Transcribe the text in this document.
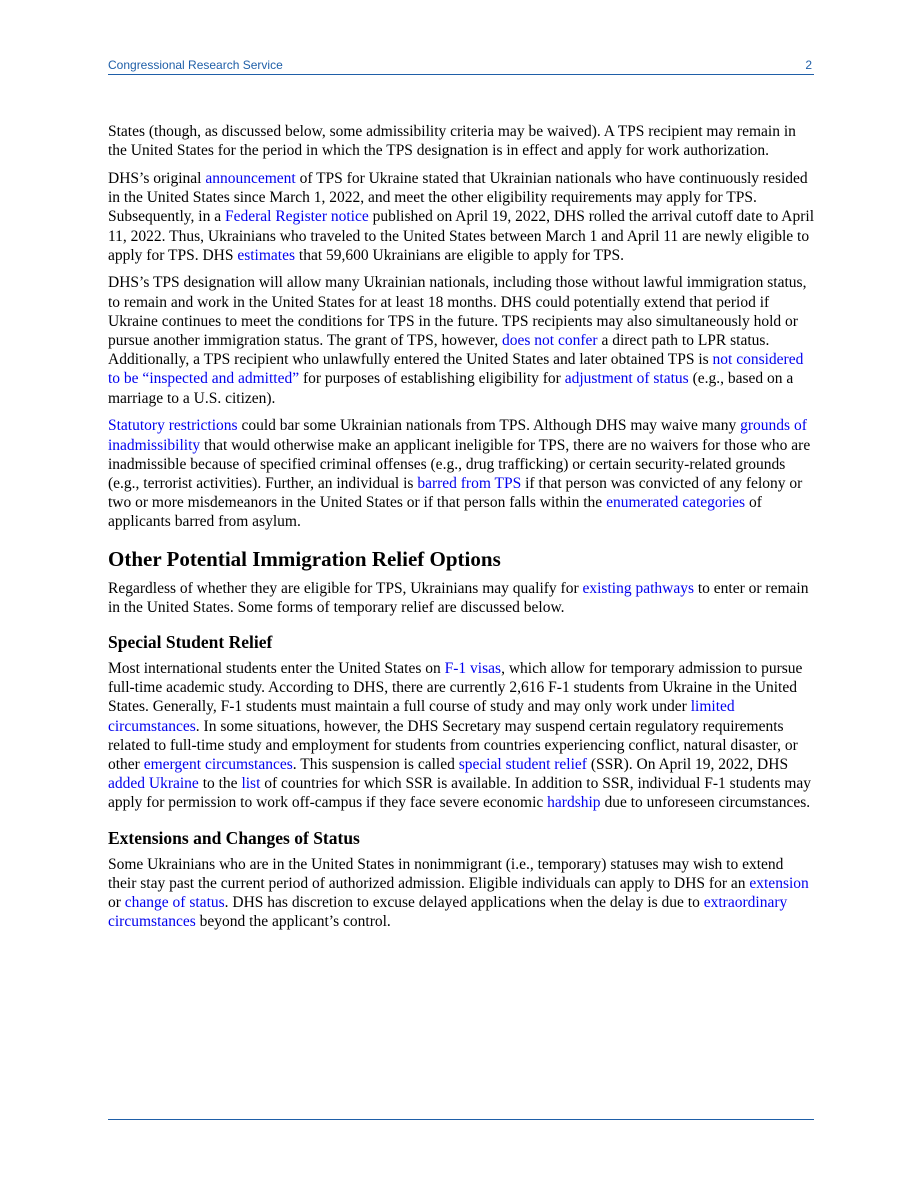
Congressional Research Service	2

States (though, as discussed below, some admissibility criteria may be waived). A TPS recipient may remain in the United States for the period in which the TPS designation is in effect and apply for work authorization.

DHS’s original announcement of TPS for Ukraine stated that Ukrainian nationals who have continuously resided in the United States since March 1, 2022, and meet the other eligibility requirements may apply for TPS. Subsequently, in a Federal Register notice published on April 19, 2022, DHS rolled the arrival cutoff date to April 11, 2022. Thus, Ukrainians who traveled to the United States between March 1 and April 11 are newly eligible to apply for TPS. DHS estimates that 59,600 Ukrainians are eligible to apply for TPS.

DHS’s TPS designation will allow many Ukrainian nationals, including those without lawful immigration status, to remain and work in the United States for at least 18 months. DHS could potentially extend that period if Ukraine continues to meet the conditions for TPS in the future. TPS recipients may also simultaneously hold or pursue another immigration status. The grant of TPS, however, does not confer a direct path to LPR status. Additionally, a TPS recipient who unlawfully entered the United States and later obtained TPS is not considered to be “inspected and admitted” for purposes of establishing eligibility for adjustment of status (e.g., based on a marriage to a U.S. citizen).

Statutory restrictions could bar some Ukrainian nationals from TPS. Although DHS may waive many grounds of inadmissibility that would otherwise make an applicant ineligible for TPS, there are no waivers for those who are inadmissible because of specified criminal offenses (e.g., drug trafficking) or certain security-related grounds (e.g., terrorist activities). Further, an individual is barred from TPS if that person was convicted of any felony or two or more misdemeanors in the United States or if that person falls within the enumerated categories of applicants barred from asylum.

Other Potential Immigration Relief Options

Regardless of whether they are eligible for TPS, Ukrainians may qualify for existing pathways to enter or remain in the United States. Some forms of temporary relief are discussed below.

Special Student Relief

Most international students enter the United States on F-1 visas, which allow for temporary admission to pursue full-time academic study. According to DHS, there are currently 2,616 F-1 students from Ukraine in the United States. Generally, F-1 students must maintain a full course of study and may only work under limited circumstances. In some situations, however, the DHS Secretary may suspend certain regulatory requirements related to full-time study and employment for students from countries experiencing conflict, natural disaster, or other emergent circumstances. This suspension is called special student relief (SSR). On April 19, 2022, DHS added Ukraine to the list of countries for which SSR is available. In addition to SSR, individual F-1 students may apply for permission to work off-campus if they face severe economic hardship due to unforeseen circumstances.

Extensions and Changes of Status

Some Ukrainians who are in the United States in nonimmigrant (i.e., temporary) statuses may wish to extend their stay past the current period of authorized admission. Eligible individuals can apply to DHS for an extension or change of status. DHS has discretion to excuse delayed applications when the delay is due to extraordinary circumstances beyond the applicant’s control.
